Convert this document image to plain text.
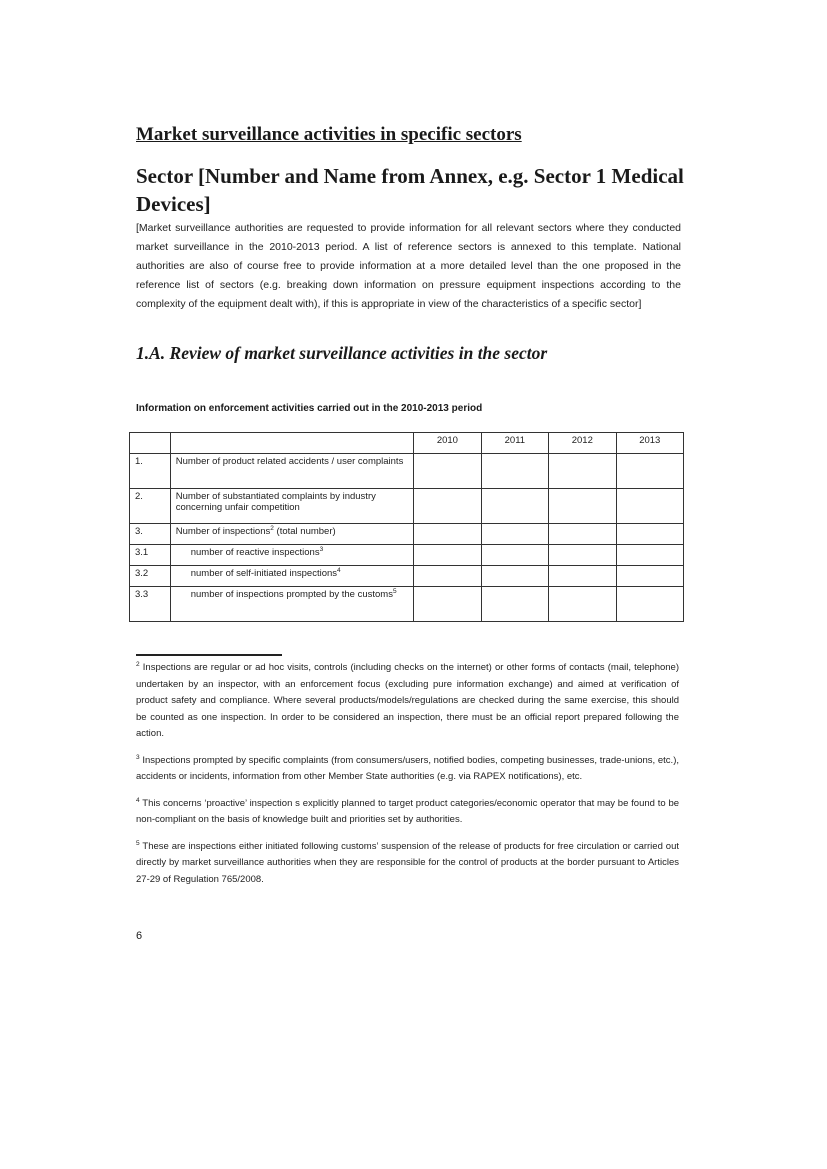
Market surveillance activities in specific sectors
Sector [Number and Name from Annex, e.g. Sector 1 Medical Devices]

[Market surveillance authorities are requested to provide information for all relevant sectors where they conducted market surveillance in the 2010-2013 period. A list of reference sectors is annexed to this template. National authorities are also of course free to provide information at a more detailed level than the one proposed in the reference list of sectors (e.g. breaking down information on pressure equipment inspections according to the complexity of the equipment dealt with), if this is appropriate in view of the characteristics of a specific sector]

1.A. Review of market surveillance activities in the sector

Information on enforcement activities carried out in the 2010-2013 period

		2010	2011	2012	2013
1.	Number of product related accidents / user complaints				
2.	Number of substantiated complaints by industry concerning unfair competition				
3.	Number of inspections$^2$ (total number)				
3.1	number of reactive inspections$^3$				
3.2	number of self-initiated inspections$^4$				
3.3	number of inspections prompted by the customs$^5$				

$^2$ Inspections are regular or ad hoc visits, controls (including checks on the internet) or other forms of contacts (mail, telephone) undertaken by an inspector, with an enforcement focus (excluding pure information exchange) and aimed at verification of product safety and compliance. Where several products/models/regulations are checked during the same exercise, this should be counted as one inspection. In order to be considered an inspection, there must be an official report prepared following the action.

$^3$ Inspections prompted by specific complaints (from consumers/users, notified bodies, competing businesses, trade-unions, etc.), accidents or incidents, information from other Member State authorities (e.g. via RAPEX notifications), etc.

$^4$ This concerns ‘proactive’ inspection s explicitly planned to target product categories/economic operator that may be found to be non-compliant on the basis of knowledge built and priorities set by authorities.

$^5$ These are inspections either initiated following customs’ suspension of the release of products for free circulation or carried out directly by market surveillance authorities when they are responsible for the control of products at the border pursuant to Articles 27-29 of Regulation 765/2008.

6
